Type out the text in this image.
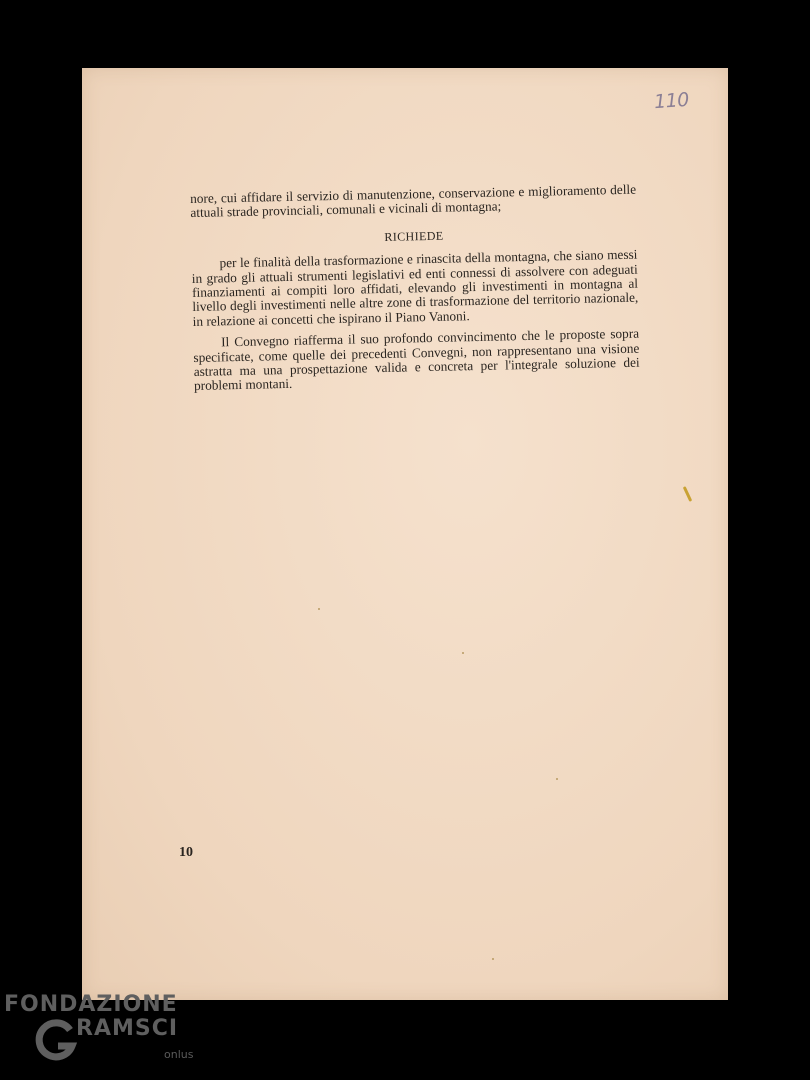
110

nore, cui affidare il servizio di manutenzione, conservazione e miglioramento delle attuali strade provinciali, comunali e vicinali di montagna;

RICHIEDE

per le finalità della trasformazione e rinascita della montagna, che siano messi in grado gli attuali strumenti legislativi ed enti connessi di assolvere con adeguati finanziamenti ai compiti loro affidati, elevando gli investimenti in montagna al livello degli investimenti nelle altre zone di trasformazione del territorio nazionale, in relazione ai concetti che ispirano il Piano Vanoni.

Il Convegno riafferma il suo profondo convincimento che le proposte sopra specificate, come quelle dei precedenti Convegni, non rappresentano una visione astratta ma una prospettazione valida e concreta per l'integrale soluzione dei problemi montani.

10
FONDAZIONE
RAMSCI
onlus
